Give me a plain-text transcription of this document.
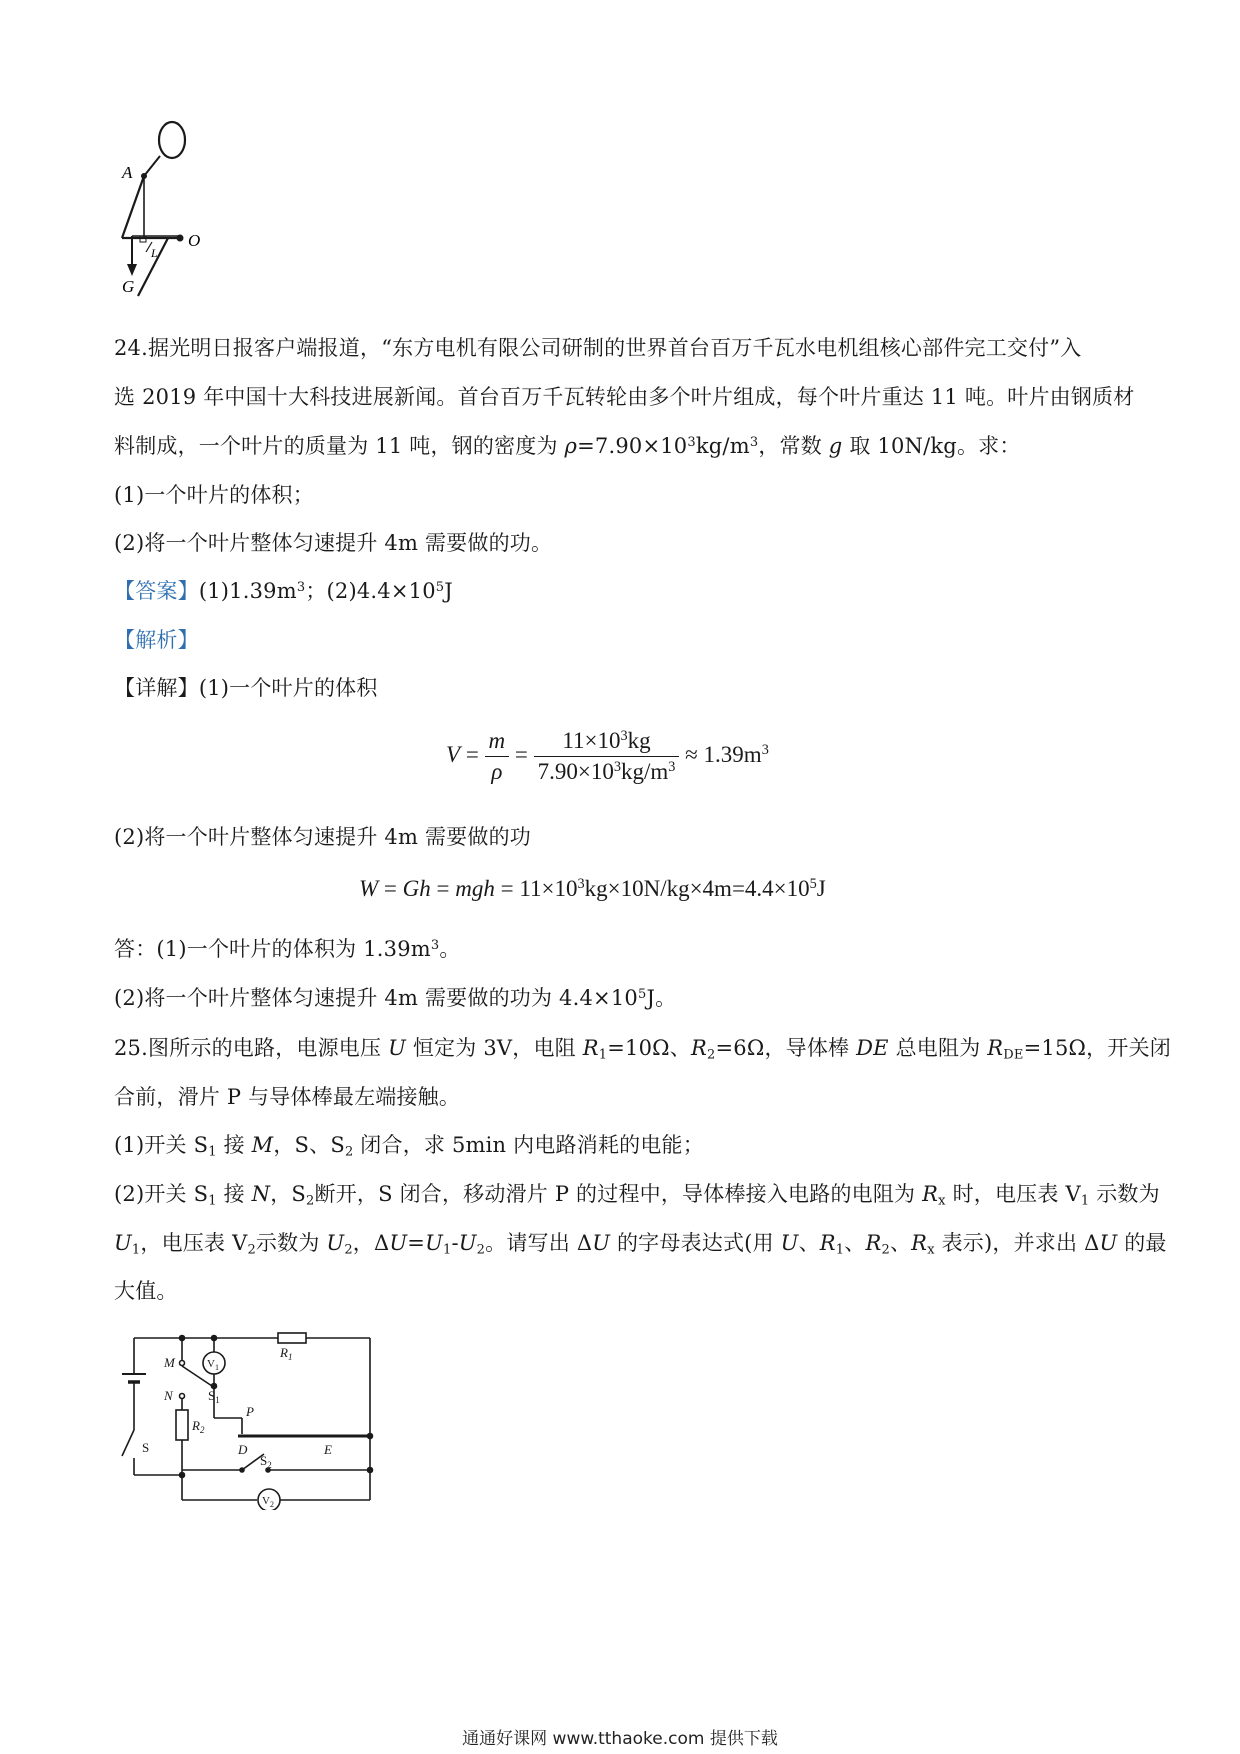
A
O
G
L
24.据光明日报客户端报道，“东方电机有限公司研制的世界首台百万千瓦水电机组核心部件完工交付”入
选 2019 年中国十大科技进展新闻。首台百万千瓦转轮由多个叶片组成，每个叶片重达 11 吨。叶片由钢质材
料制成，一个叶片的质量为 11 吨，钢的密度为 $\rho=7.90\times 10^3kg/m^3$，常数 g 取 10N/kg。求：
(1)一个叶片的体积；
(2)将一个叶片整体匀速提升 4m 需要做的功。
【答案】$(1)1.39m^3$；$(2)4.4\times 10^5J$
【解析】
【详解】(1)一个叶片的体积
$V = \frac{m}{\rho} = \frac{11\times 10^3kg}{7.90\times 10^3kg/m^3} \approx 1.39m^3$
(2)将一个叶片整体匀速提升 4m 需要做的功
W = Gh = mgh = $11\times 10^3kg\times 10N/kg\times 4m=4.4\times 10^5J$
答：(1)一个叶片的体积为 $1.39m^3$。
(2)将一个叶片整体匀速提升 4m 需要做的功为 $4.4\times 10^5J$。
25.图所示的电路，电源电压 U 恒定为 3V，电阻 $R_1=10\Omega$、$R_2=6\Omega$，导体棒 DE 总电阻为 $R_{DE}=15\Omega$，开关闭
合前，滑片 P 与导体棒最左端接触。
(1)开关 $S_1$ 接 M，S、$S_2$ 闭合，求 5min 内电路消耗的电能；
(2)开关 $S_1$ 接 N，$S_2$断开，S 闭合，移动滑片 P 的过程中，导体棒接入电路的电阻为 $R_x$ 时，电压表 $V_1$ 示数为
$U_1$，电压表 $V_2$示数为 $U_2$，$\Delta U=U_1-U_2$。请写出 ΔU 的字母表达式(用 U、$R_1$、$R_2$、$R_x$ 表示)，并求出 ΔU 的最
大值。
M
N
$V_1$
$V_2$
$R_1$
$R_2$
$S_1$
P
D	E
S
$S_2$
通通好课网 www.tthaoke.com 提供下载
